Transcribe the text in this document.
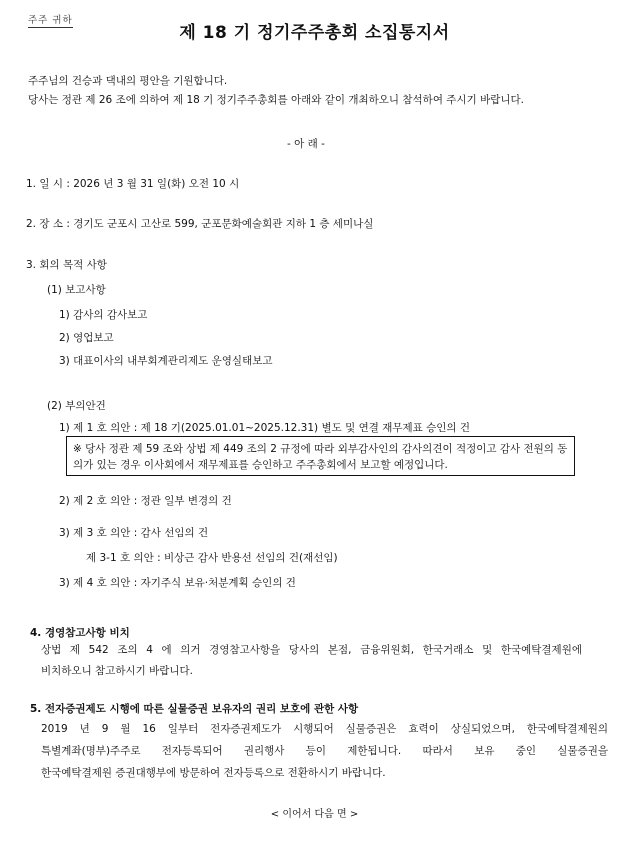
주주 귀하
제 18 기 정기주주총회 소집통지서
주주님의 건승과 댁내의 평안을 기원합니다.
당사는 정관 제 26 조에 의하여 제 18 기 정기주주총회를 아래와 같이 개최하오니 참석하여 주시기 바랍니다.
- 아 래 -
1. 일 시 : 2026 년 3 월 31 일(화) 오전 10 시
2. 장 소 : 경기도 군포시 고산로 599, 군포문화예술회관 지하 1 층 세미나실
3. 회의 목적 사항
(1) 보고사항
1) 감사의 감사보고
2) 영업보고
3) 대표이사의 내부회계관리제도 운영실태보고
(2) 부의안건
1) 제 1 호 의안 : 제 18 기(2025.01.01~2025.12.31) 별도 및 연결 재무제표 승인의 건
※ 당사 정관 제 59 조와 상법 제 449 조의 2 규정에 따라 외부감사인의 감사의견이 적정이고 감사 전원의 동의가 있는 경우 이사회에서 재무제표를 승인하고 주주총회에서 보고할 예정입니다.
2) 제 2 호 의안 : 정관 일부 변경의 건
3) 제 3 호 의안 : 감사 선임의 건
제 3-1 호 의안 : 비상근 감사 반용선 선임의 건(재선임)
3) 제 4 호 의안 : 자기주식 보유·처분계획 승인의 건
4. 경영참고사항 비치
상법 제 542 조의 4 에 의거 경영참고사항을 당사의 본점, 금융위원회, 한국거래소 및 한국예탁결제원에
비치하오니 참고하시기 바랍니다.
5. 전자증권제도 시행에 따른 실물증권 보유자의 권리 보호에 관한 사항
2019 년 9 월 16 일부터 전자증권제도가 시행되어 실물증권은 효력이 상실되었으며, 한국예탁결제원의
특별계좌(명부)주주로 전자등록되어 권리행사 등이 제한됩니다. 따라서 보유 중인 실물증권을
한국예탁결제원 증권대행부에 방문하여 전자등록으로 전환하시기 바랍니다.
< 이어서 다음 면 >
